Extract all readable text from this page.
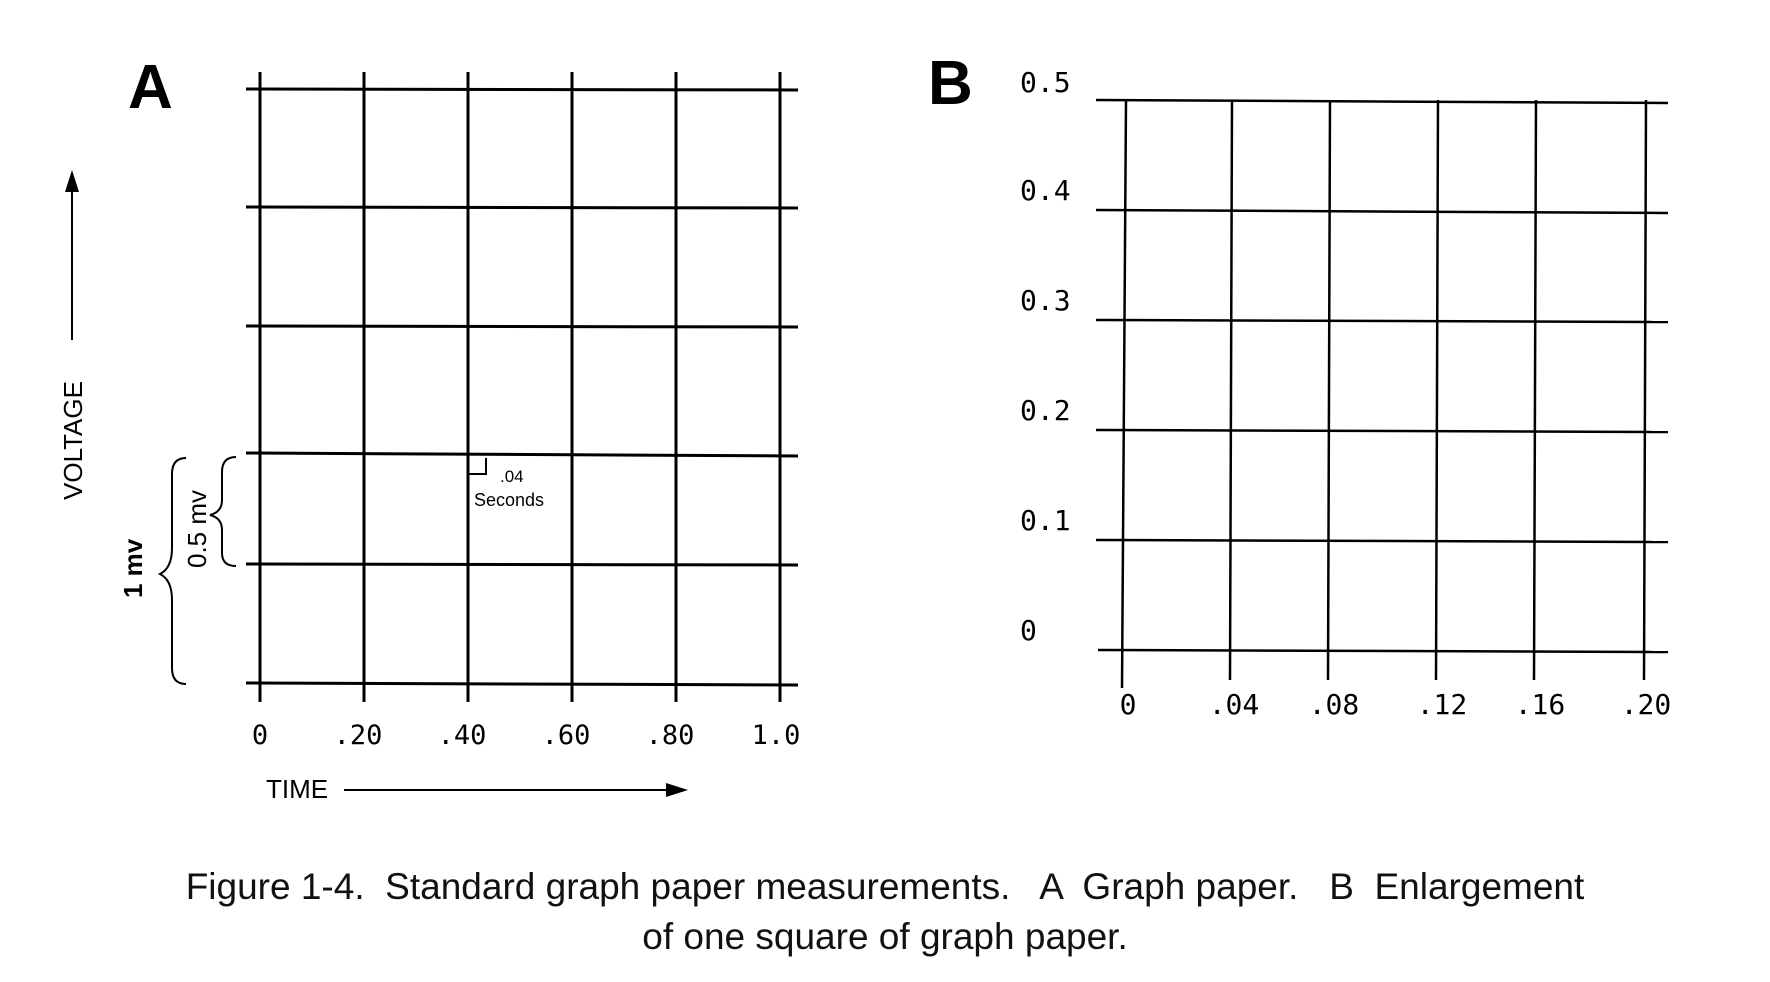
A
.04
Seconds
0 .20 .40 .60 .80 1.0
TIME
VOLTAGE
0.5 mv
1 mv
B
0
0.1
0.2
0.3
0.4
0.5
0	.04 .08 .12 .16 .20
Figure 1-4.  Standard graph paper measurements.   A  Graph paper.   B  Enlargement
of one square of graph paper.
